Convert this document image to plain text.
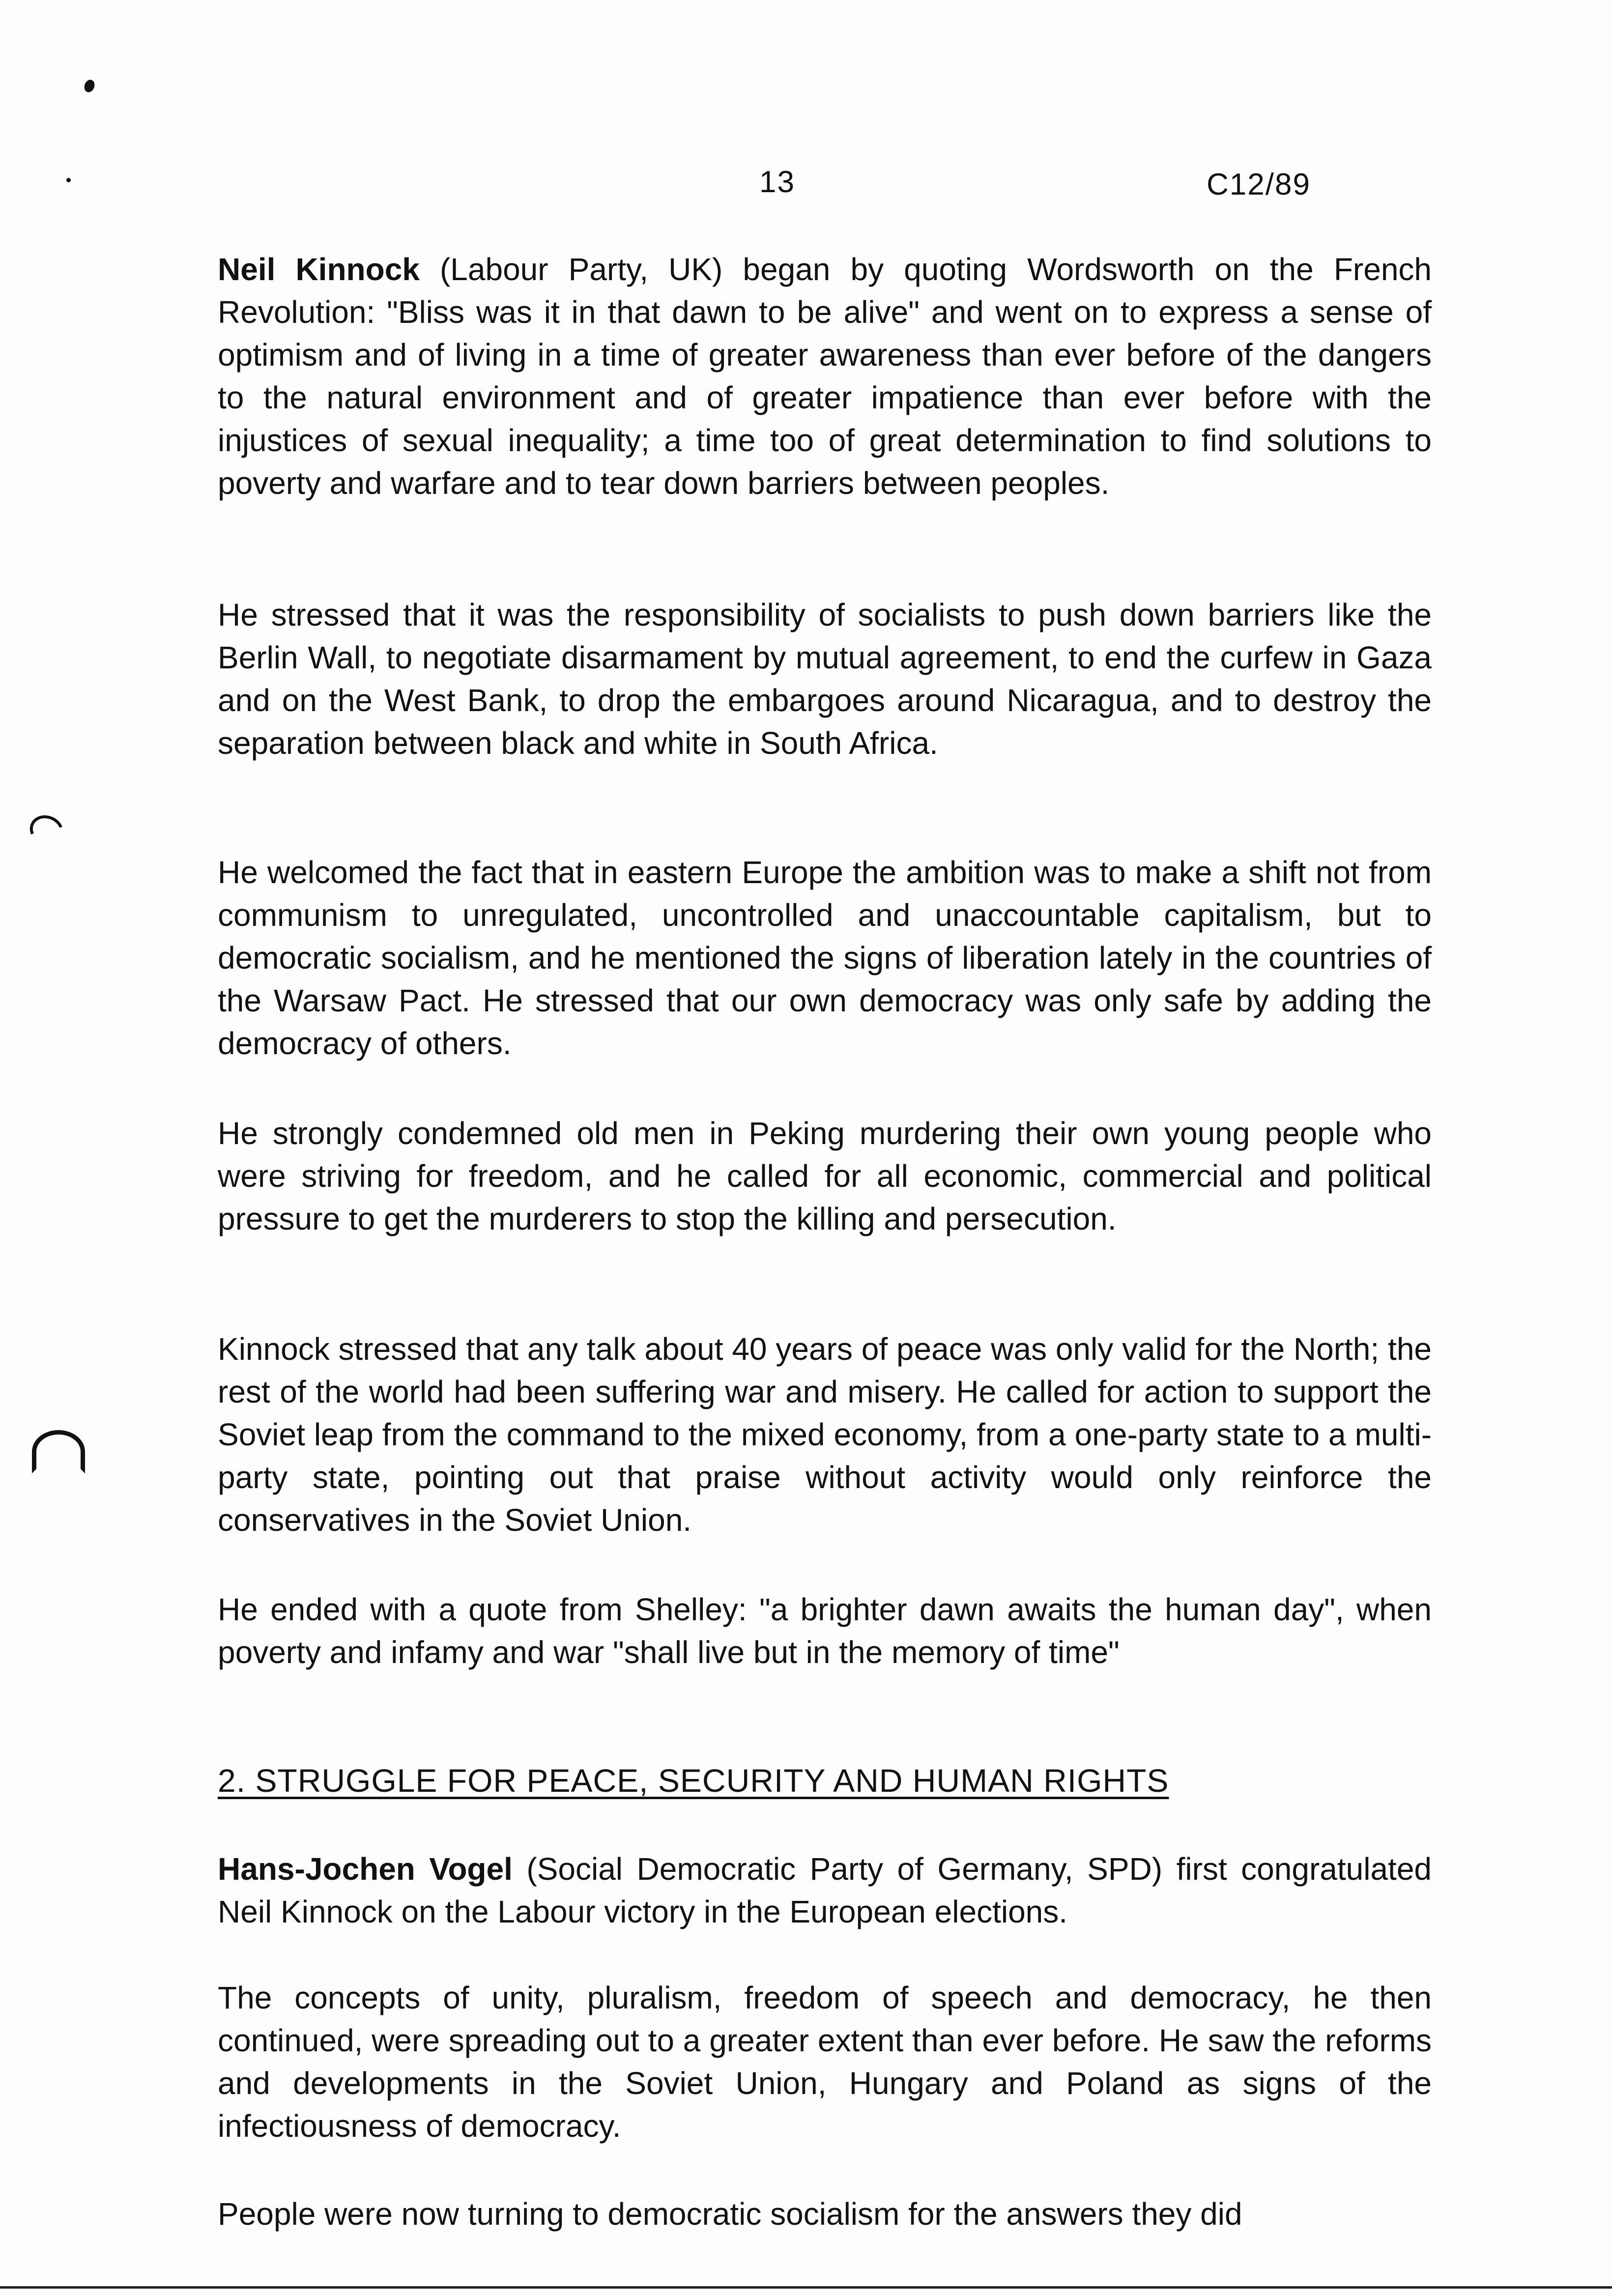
13	C12/89

Neil Kinnock (Labour Party, UK) began by quoting Wordsworth on the French Revolution: "Bliss was it in that dawn to be alive" and went on to express a sense of optimism and of living in a time of greater awareness than ever before of the dangers to the natural environment and of greater impatience than ever before with the injustices of sexual inequality; a time too of great determination to find solutions to poverty and warfare and to tear down barriers between peoples.

He stressed that it was the responsibility of socialists to push down barriers like the Berlin Wall, to negotiate disarmament by mutual agreement, to end the curfew in Gaza and on the West Bank, to drop the embargoes around Nicaragua, and to destroy the separation between black and white in South Africa.

He welcomed the fact that in eastern Europe the ambition was to make a shift not from communism to unregulated, uncontrolled and unaccountable capitalism, but to democratic socialism, and he mentioned the signs of liberation lately in the countries of the Warsaw Pact. He stressed that our own democracy was only safe by adding the democracy of others.

He strongly condemned old men in Peking murdering their own young people who were striving for freedom, and he called for all economic, commercial and political pressure to get the murderers to stop the killing and persecution.

Kinnock stressed that any talk about 40 years of peace was only valid for the North; the rest of the world had been suffering war and misery. He called for action to support the Soviet leap from the command to the mixed economy, from a one-party state to a multi-party state, pointing out that praise without activity would only reinforce the conservatives in the Soviet Union.

He ended with a quote from Shelley: "a brighter dawn awaits the human day", when poverty and infamy and war "shall live but in the memory of time"

2. STRUGGLE FOR PEACE, SECURITY AND HUMAN RIGHTS

Hans-Jochen Vogel (Social Democratic Party of Germany, SPD) first congratulated Neil Kinnock on the Labour victory in the European elections.

The concepts of unity, pluralism, freedom of speech and democracy, he then continued, were spreading out to a greater extent than ever before. He saw the reforms and developments in the Soviet Union, Hungary and Poland as signs of the infectiousness of democracy.

People were now turning to democratic socialism for the answers they did
